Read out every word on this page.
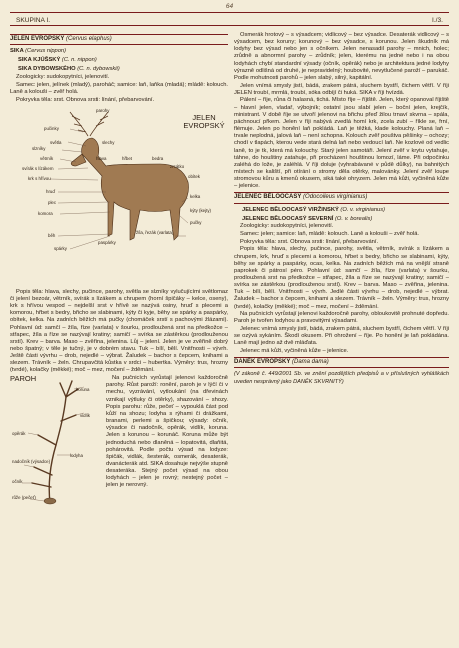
64
SKUPINA I.	I./3.
JELEN EVROPSKÝ (Cervus elaphus)

SIKA (Cervus nippon)

SIKA KJÚŠSKÝ (C. n. nippon)

SIKA DYBOWSKÉHO (C. n. dybowskii)

Zoologicky: sudokopytníci, jelenovití.

Samec: jelen, jelínek (mladý), paroháč; samice: laň, laňka (mladá); mládě: kolouch. Laně a kolouši – zvěř holá.

Pokryvka těla: srst. Obnova srsti: línání, přebarvování.

JELEN EVROPSKÝ
parohy
pučinky
světla
slzníky
větrník
svírák s lízákem
krk s hřívou
hruď
plec
komora
běh
spárky
paspárky
slechy
hlava	hřbet	bedra
zrcátko
obítek
kelka
kýty (kejty)
pučky
žíla, řezák (varlata)

Popis těla: hlava, slechy, pučince, parohy, světla se slzníky vylučujícími světlomaz či jelení bezoár, větrník, svírák s lízákem a chrupem (horní špičáky – kelce, oseny), krk s hřívou vespod – nejdelší srst v hřívě se nazývá osiny, hruď s plecemi a komorou, hřbet s bedry, břicho se slabinami, kýty či kyje, běhy se spárky a paspárky, obítek, kelka. Na zadních běžích má pučky (chomáček srstí s pachovými žlázami). Pohlavní úd: samčí – žíla, říze (varlata) v šourku, prodloužená srst na předkožce – střapec, žíla a říze se nazývají kratiny; samičí – svírka se zástěrkou (prodlouženou srstí). Krev – barva. Maso – zvěřina, jelenina. Lůj – jelení. Jelen je ve zvěřině dobrý nebo špatný; v těle je tučný, je v dobrém stavu. Tuk – bílí, bělí. Vnitřnosti – vývrh. Ještě části vývrhu – drob, nejedlé – výbrat. Žaludek – bachor s čepcem, knihami a slezem. Trávník – želn. Chrupavčitá kůstka v srdci – hubertka. Výměry: trus, hrozny (tvrdé), kolačky (měkké); moč – mez, močení – žděmání.

PAROH
koruna
vidlík
opěrák
nadočník (výsadce)
očník
růže (pečeť)
lodyha

Na pučnicích vyrůstají jelenovi každoročně parohy. Růst paroží: ronění, paroh je v lýčí či v mechu, vyzrávání, vytloukání (na dřevinách vznikají výtluky či otěrky), shazování – shozy. Popis parohu: růže, pečeť – vypouklá část pod kůží na shozu; lodyha s rýhami či drážkami, branami, perlemi a špičkou; výsady: očník, výsadce či nadočník, opěrák, vidlík, koruna. Jelen s korunou – korunáč. Koruna může být jednoduchá nebo dlaněná – lopatovitá, dlaňitá, pohárovitá. Podle počtu výsad na lodyze: špičák, vidlák, šesterák, osmerák, desaterák, dvanácterák atd. SIKA dosahuje nejvýše stupně desateráka. Stejný počet výsad na obou lodyhách – jelen je rovný; nestejný počet – jelen je nerovný.

Osmerák hrotový – s výsadcem; vidlicový – bez výsadce. Desaterák vidlicový – s výsadcem, bez koruny; korunový – bez výsadce, s korunou. Jelen škudník má lodyhy bez výsad nebo jen s očníkem. Jelen nenasadil parohy – mnich, holec; zrůdně a abnormní parohy – zrůdník; jelen, kterému na jedné nebo i na obou lodyhách chybí standardní výsady (očník, opěrák) nebo je architektura jedné lodyhy výrazně odlišná od druhé, je nepravidelný; houbovité, nevytlučené paroží – parukáč. Podle mohutnosti parohů – jelen slabý, silný, kapitální.

Jelen vnímá smysly jistí, bádá, zrakem pátrá, sluchem bystří, čichem větří. V říji JELEN troubí, mrmlá, troubí, sóka odbíjí či huká. SIKA v říji hvízdá.

Pálení – říje, růna či halasná, tichá. Místo říje – říjiště. Jelen, který opanoval říjiště – hlavní jelen, vladař, výbojník; ostatní jsou slabí jelen – boční jelen, krejčík, ministrant. V době říje se utvoří jelenovi na břichu přeď žilou trnaví skvrna – spála, páchnoucí přkem. Jelen v říji nabývá zvedlá homí krk, zcela zubí – říkle se, frní, flémuje. Jelen po honění laň pokládá. Laň je těžká, klade kolouchy. Planá laň – trvale neplodná, jalová laň – není schopna. Kolouch zvěř pouštva pěšinky – ochozy; chodí v tlapách, kterou vede stará delná laň nebo vedoucí laň. Ne kozlové od vedlic laně, to je tk, která má kolouchy. Starý jelen samotáři. Jelení zvěř v krytu vytahuje, táhne, do houštiny zatahuje, při procházení houštinou lomozí, láme. Při odpočinku zaléhá do lože, je zaléhlá. V říji doluje (vyhrabávané v půdě důlky), na bahnitých místech se kaliští, při otírání o stromy děla otěrky, malovánky. Jelení zvěř loupe stromovou kůru a kmenů okusem, siká také ohryzem. Jelen má kůži, vyčiněná kůže – jelenice.

JELENEC BĚLOOCASÝ (Odocoileus virginianus)

JELENEC BĚLOOCASÝ VIRŽINSKÝ (O. v. virginianus)

JELENEC BĚLOOCASÝ SEVERNÍ (O. v. borealis)

Zoologicky: sudokopytníci, jelenovití.

Samec: jelen; samice: laň, mládě: kolouch. Laně a kolouši – zvěř holá.

Pokryvka těla: srst. Obnova srsti: línání, přebarvování.

Popis těla: hlava, slechy, pučince, parohy, světla, větrník, svírák s lízákem a chrupem, krk, hruď s plecemi a komorou, hřbet s bedry, břicho se slabinami, kýty, běhy se spárky a paspárky, ocas, kelka. Na zadních běžích má na vnější straně paprokek či pátrosí péro. Pohlavní úd: samčí – žíla, říze (varlata) v šourku, prodloužená srst na předkožce – střapec, žíla a říze se nazývají kratiny; samičí – svírka se zástěrkou (prodlouženou srstí). Krev – barva. Maso – zvěřina, jelenina. Tuk – bílí, bělí. Vnitřnosti – vývrh. Jedlé části vývrhu – drob, nejedlé – výbrat. Žaludek – bachor s čepcem, knihami a slezem. Trávník – želn. Výměry: trus, hrozny (tvrdé), kolačky (měkké); moč – mez, močení – žděmání.

Na pučnicích vyrůstají jelenovi každoročně parohy, obloukovitě prohnuté dopředu. Paroh je tvořen lodyhou a pravovitými výsadami.

Jelenec vnímá smysly jistí, bádá, zrakem pátrá, sluchem bystří, čichem větří. V říji se ozývá sykáním. Škodí okusem. Při ohrožení – říje. Po honění je laň pokládána. Laně mají jedno až dvě mláďata.

Jelenec má kůži, vyčiněná kůže – jelenice.

DANĚK EVROPSKÝ (Dama dama)

(V zákoně č. 449/2001 Sb. ve znění pozdějších předpisů a v příslušných vyhláškách uveden nesprávný jako DANĚK SKVRNITÝ)
